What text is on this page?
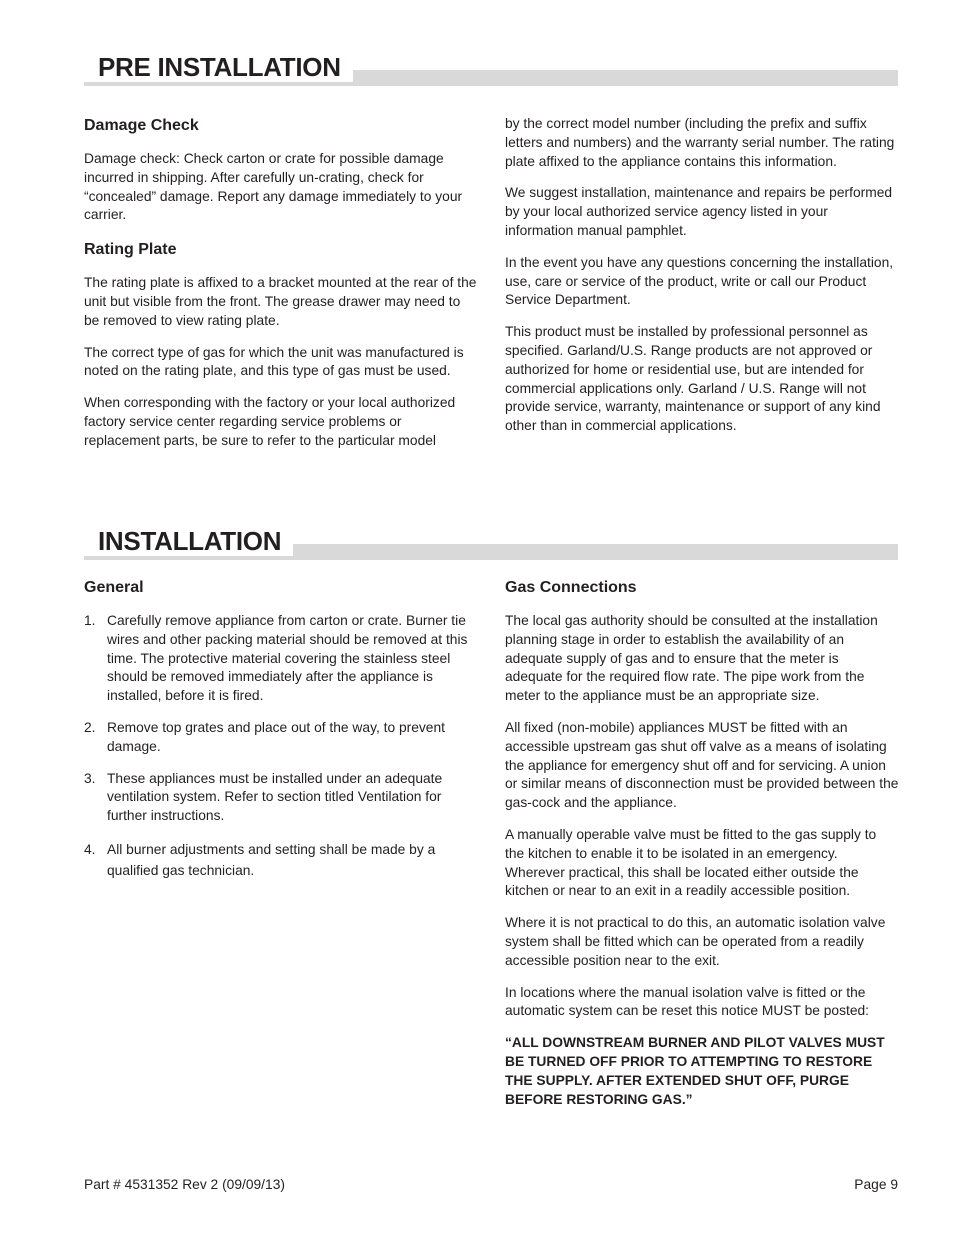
PRE INSTALLATION
Damage Check

Damage check: Check carton or crate for possible damage incurred in shipping. After carefully un-crating, check for “concealed” damage. Report any damage immediately to your carrier.

Rating Plate

The rating plate is affixed to a bracket mounted at the rear of the unit but visible from the front. The grease drawer may need to be removed to view rating plate.

The correct type of gas for which the unit was manufactured is noted on the rating plate, and this type of gas must be used.

When corresponding with the factory or your local authorized factory service center regarding service problems or replacement parts, be sure to refer to the particular model

by the correct model number (including the prefix and suffix letters and numbers) and the warranty serial number. The rating plate affixed to the appliance contains this information.

We suggest installation, maintenance and repairs be performed by your local authorized service agency listed in your information manual pamphlet.

In the event you have any questions concerning the installation, use, care or service of the product, write or call our Product Service Department.

This product must be installed by professional personnel as specified. Garland/U.S. Range products are not approved or authorized for home or residential use, but are intended for commercial applications only. Garland / U.S. Range will not provide service, warranty, maintenance or support of any kind other than in commercial applications.

INSTALLATION
General
1. Carefully remove appliance from carton or crate. Burner tie wires and other packing material should be removed at this time. The protective material covering the stainless steel should be removed immediately after the appliance is installed, before it is fired.
2. Remove top grates and place out of the way, to prevent damage.
3. These appliances must be installed under an adequate ventilation system. Refer to section titled Ventilation for further instructions.
4. All burner adjustments and setting shall be made by a qualified gas technician.
Gas Connections

The local gas authority should be consulted at the installation planning stage in order to establish the availability of an adequate supply of gas and to ensure that the meter is adequate for the required flow rate. The pipe work from the meter to the appliance must be an appropriate size.

All fixed (non-mobile) appliances MUST be fitted with an accessible upstream gas shut off valve as a means of isolating the appliance for emergency shut off and for servicing. A union or similar means of disconnection must be provided between the gas-cock and the appliance.

A manually operable valve must be fitted to the gas supply to the kitchen to enable it to be isolated in an emergency. Wherever practical, this shall be located either outside the kitchen or near to an exit in a readily accessible position.

Where it is not practical to do this, an automatic isolation valve system shall be fitted which can be operated from a readily accessible position near to the exit.

In locations where the manual isolation valve is fitted or the automatic system can be reset this notice MUST be posted:

“ALL DOWNSTREAM BURNER AND PILOT VALVES MUST BE TURNED OFF PRIOR TO ATTEMPTING TO RESTORE THE SUPPLY. AFTER EXTENDED SHUT OFF, PURGE BEFORE RESTORING GAS.”

Part # 4531352 Rev 2 (09/09/13)	Page 9
